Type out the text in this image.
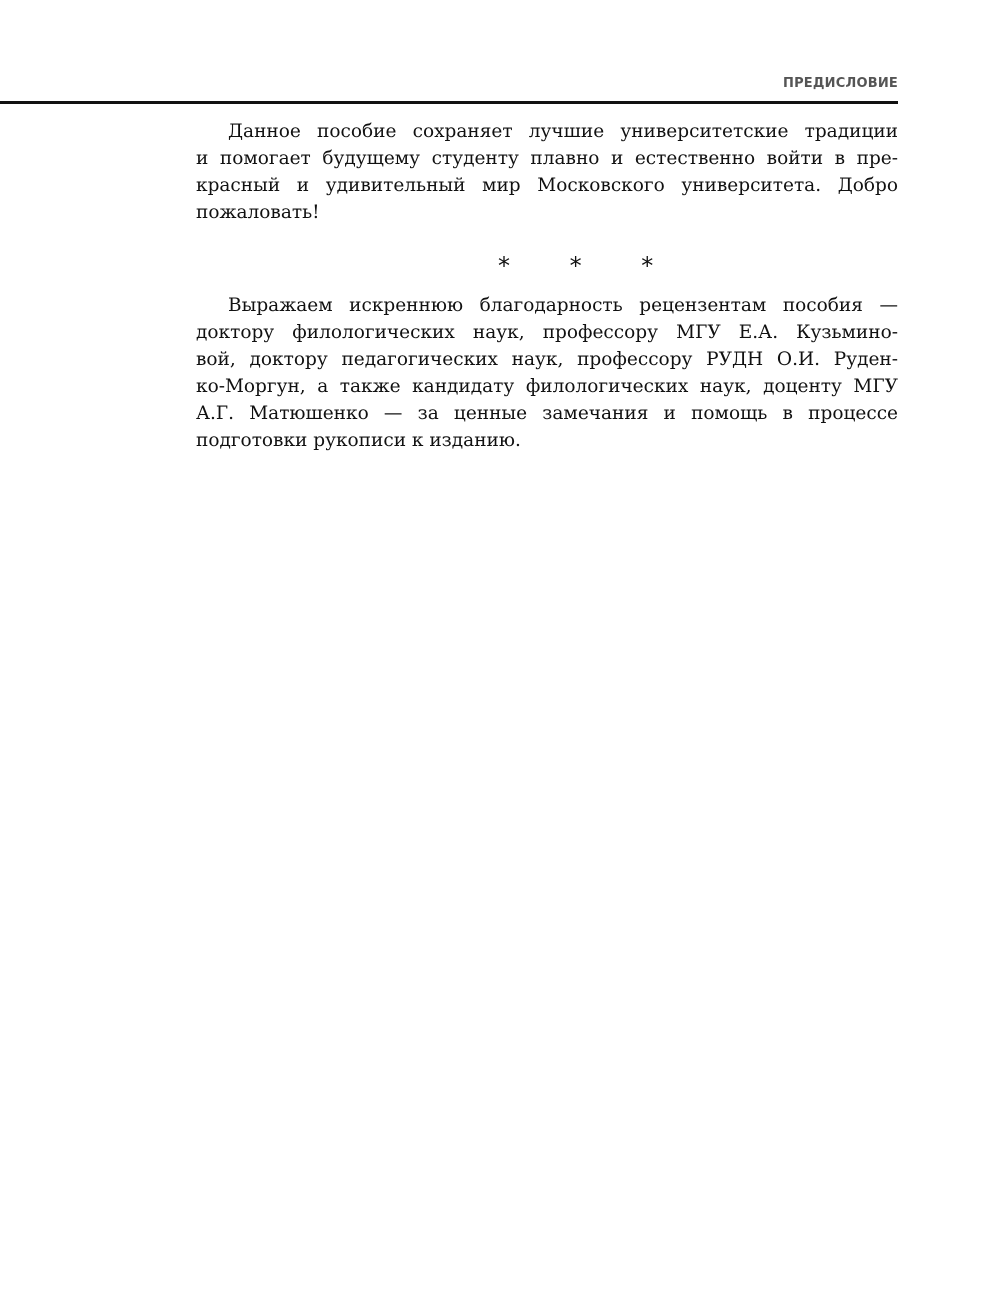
ПРЕДИСЛОВИЕ
Данное пособие сохраняет лучшие университетские традиции
и помогает будущему студенту плавно и естественно войти в пре-
красный и удивительный мир Московского университета. Добро
пожаловать!
* * *
Выражаем искреннюю благодарность рецензентам пособия —
доктору филологических наук, профессору МГУ Е.А. Кузьмино-
вой, доктору педагогических наук, профессору РУДН О.И. Руден-
ко-Моргун, а также кандидату филологических наук, доценту МГУ
А.Г. Матюшенко — за ценные замечания и помощь в процессе
подготовки рукописи к изданию.
